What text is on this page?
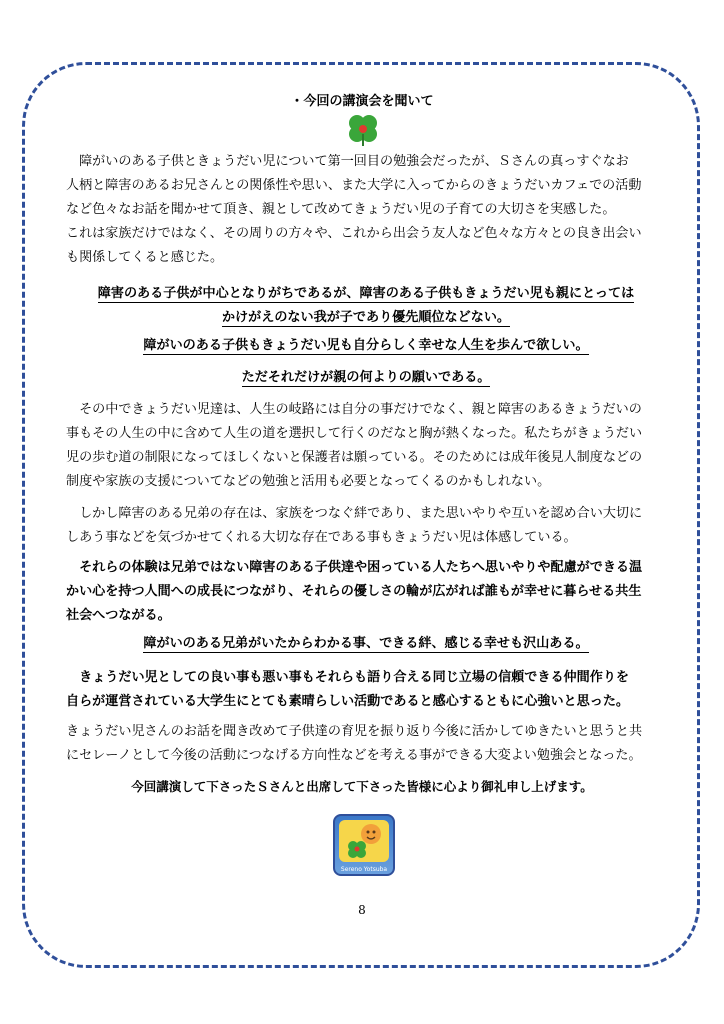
・今回の講演会を聞いて
　障がいのある子供ときょうだい児について第一回目の勉強会だったが、Ｓさんの真っすぐなお
人柄と障害のあるお兄さんとの関係性や思い、また大学に入ってからのきょうだいカフェでの活動
など色々なお話を聞かせて頂き、親として改めてきょうだい児の子育ての大切さを実感した。
これは家族だけではなく、その周りの方々や、これから出会う友人など色々な方々との良き出会い
も関係してくると感じた。
障害のある子供が中心となりがちであるが、障害のある子供もきょうだい児も親にとっては
かけがえのない我が子であり優先順位などない。
障がいのある子供もきょうだい児も自分らしく幸せな人生を歩んで欲しい。
ただそれだけが親の何よりの願いである。
　その中できょうだい児達は、人生の岐路には自分の事だけでなく、親と障害のあるきょうだいの
事もその人生の中に含めて人生の道を選択して行くのだなと胸が熱くなった。私たちがきょうだい
児の歩む道の制限になってほしくないと保護者は願っている。そのためには成年後見人制度などの
制度や家族の支援についてなどの勉強と活用も必要となってくるのかもしれない。
　しかし障害のある兄弟の存在は、家族をつなぐ絆であり、また思いやりや互いを認め合い大切に
しあう事などを気づかせてくれる大切な存在である事もきょうだい児は体感している。
　それらの体験は兄弟ではない障害のある子供達や困っている人たちへ思いやりや配慮ができる温
かい心を持つ人間への成長につながり、それらの優しさの輪が広がれば誰もが幸せに暮らせる共生
社会へつながる。
障がいのある兄弟がいたからわかる事、できる絆、感じる幸せも沢山ある。
　きょうだい児としての良い事も悪い事もそれらも語り合える同じ立場の信頼できる仲間作りを
自らが運営されている大学生にとても素晴らしい活動であると感心するともに心強いと思った。
きょうだい児さんのお話を聞き改めて子供達の育児を振り返り今後に活かしてゆきたいと思うと共
にセレーノとして今後の活動につなげる方向性などを考える事ができる大変よい勉強会となった。
今回講演して下さったＳさんと出席して下さった皆様に心より御礼申し上げます。
Sereno Yotsuba
8
